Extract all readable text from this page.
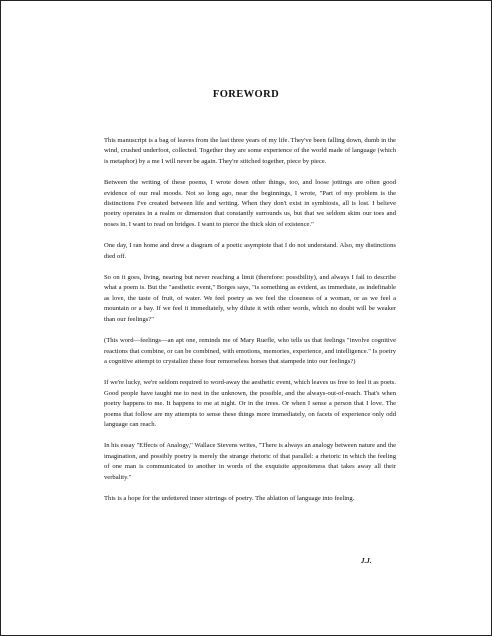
FOREWORD

This manuscript is a bag of leaves from the last three years of my life. They've been falling down, dumb in the wind, crushed underfoot, collected. Together they are some experience of the world made of language (which is metaphor) by a me I will never be again. They're stitched together, piece by piece.

Between the writing of these poems, I wrote down other things, too, and loose jottings are often good evidence of our real moods. Not so long ago, near the beginnings, I wrote, "Part of my problem is the distinctions I've created between life and writing. When they don't exist in symbiosis, all is lost. I believe poetry operates in a realm or dimension that constantly surrounds us, but that we seldom skim our toes and noses in. I want to read on bridges. I want to pierce the thick skin of existence."

One day, I ran home and drew a diagram of a poetic asymptote that I do not understand. Also, my distinctions died off.

So on it goes, living, nearing but never reaching a limit (therefore: possibility), and always I fail to describe what a poem is. But the "aesthetic event," Borges says, "is something as evident, as immediate, as indefinable as love, the taste of fruit, of water. We feel poetry as we feel the closeness of a woman, or as we feel a mountain or a bay. If we feel it immediately, why dilute it with other words, which no doubt will be weaker than our feelings?"

(This word—feelings—an apt one, reminds me of Mary Ruefle, who tells us that feelings "involve cognitive reactions that combine, or can be combined, with emotions, memories, experience, and intelligence." Is poetry a cognitive attempt to crystalize these four remorseless horses that stampede into our feelings?)

If we're lucky, we're seldom required to word-away the aesthetic event, which leaves us free to feel it as poets. Good people have taught me to nest in the unknown, the possible, and the always-out-of-reach. That's when poetry happens to me. It happens to me at night. Or in the trees. Or when I sense a person that I love. The poems that follow are my attempts to sense these things more immediately, on facets of experience only odd language can reach.

In his essay "Effects of Analogy," Wallace Stevens writes, "There is always an analogy between nature and the imagination, and possibly poetry is merely the strange rhetoric of that parallel: a rhetoric in which the feeling of one man is communicated to another in words of the exquisite appositeness that takes away all their verbality."

This is a hope for the unfettered inner stirrings of poetry. The ablation of language into feeling.

J.J.
